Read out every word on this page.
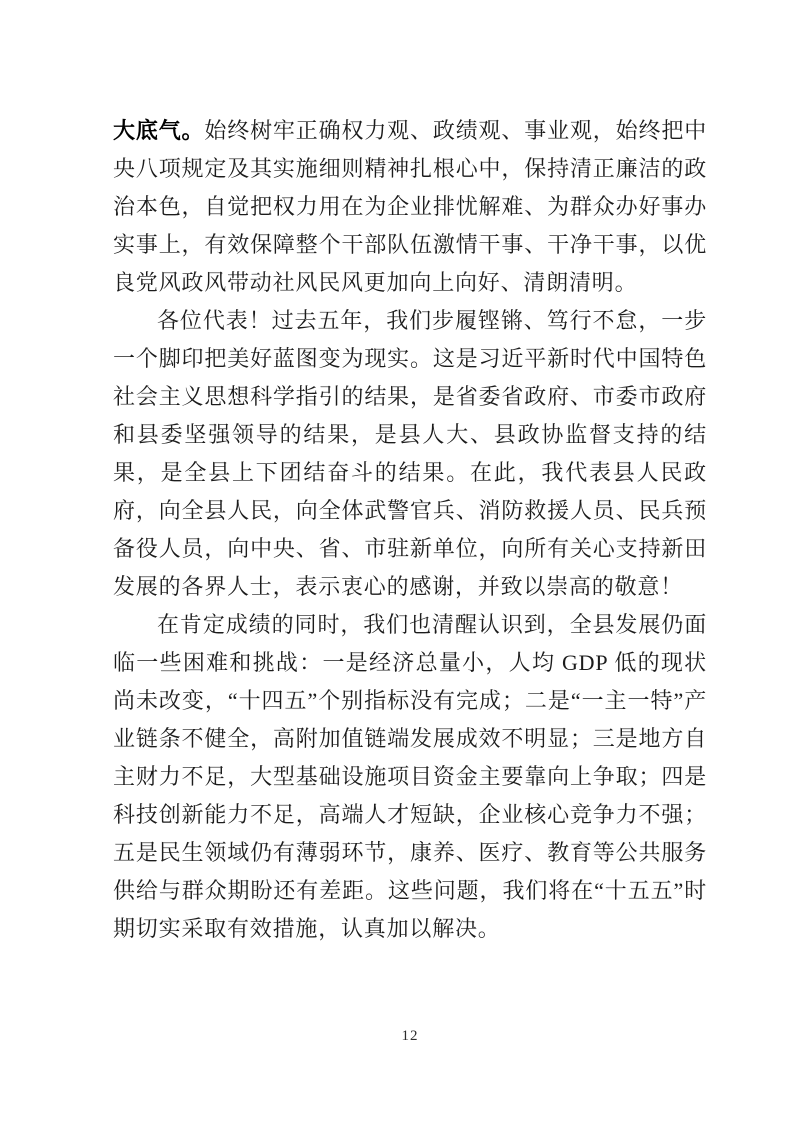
大底气。始终树牢正确权力观、政绩观、事业观，始终把中央八项规定及其实施细则精神扎根心中，保持清正廉洁的政治本色，自觉把权力用在为企业排忧解难、为群众办好事办实事上，有效保障整个干部队伍激情干事、干净干事，以优良党风政风带动社风民风更加向上向好、清朗清明。

各位代表！过去五年，我们步履铿锵、笃行不怠，一步一个脚印把美好蓝图变为现实。这是习近平新时代中国特色社会主义思想科学指引的结果，是省委省政府、市委市政府和县委坚强领导的结果，是县人大、县政协监督支持的结果，是全县上下团结奋斗的结果。在此，我代表县人民政府，向全县人民，向全体武警官兵、消防救援人员、民兵预备役人员，向中央、省、市驻新单位，向所有关心支持新田发展的各界人士，表示衷心的感谢，并致以崇高的敬意！

在肯定成绩的同时，我们也清醒认识到，全县发展仍面临一些困难和挑战：一是经济总量小，人均 GDP 低的现状尚未改变，“十四五”个别指标没有完成；二是“一主一特”产业链条不健全，高附加值链端发展成效不明显；三是地方自主财力不足，大型基础设施项目资金主要靠向上争取；四是科技创新能力不足，高端人才短缺，企业核心竞争力不强；五是民生领域仍有薄弱环节，康养、医疗、教育等公共服务供给与群众期盼还有差距。这些问题，我们将在“十五五”时期切实采取有效措施，认真加以解决。

12
